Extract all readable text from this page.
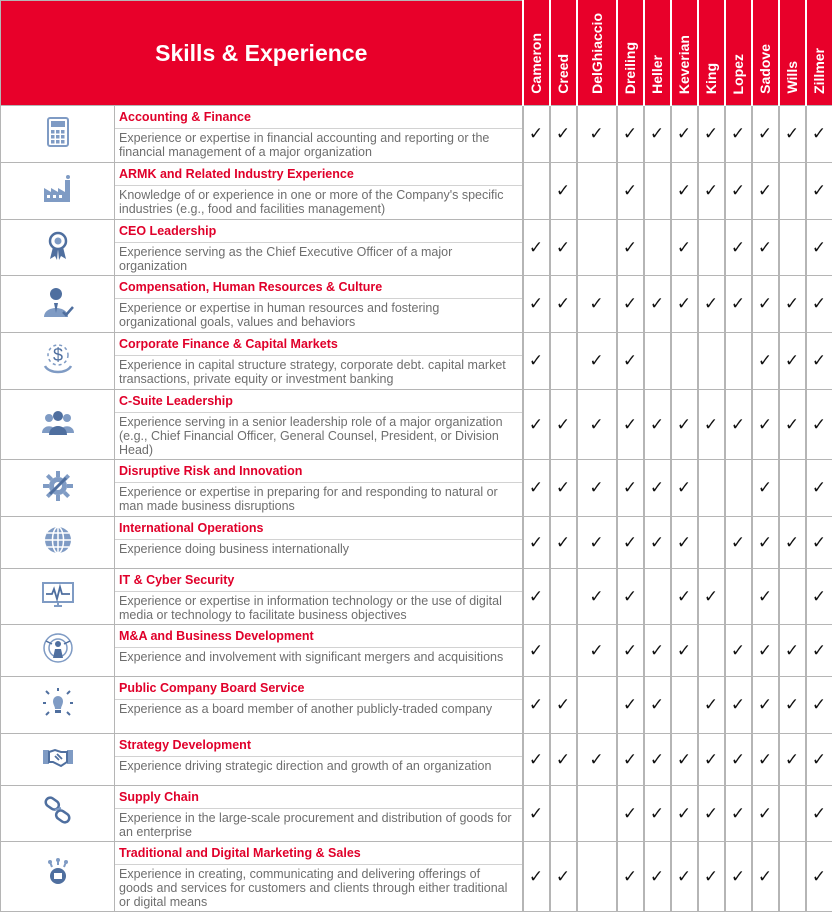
Skills & Experience		Cameron	Creed	DelGhiaccio	Dreiling	Heller	Keverian	King	Lopez	Sadove	Wills	Zillmer

Accounting & Finance
Experience or expertise in financial accounting and reporting or the financial management of a major organization	✓	✓	✓	✓	✓	✓	✓	✓	✓	✓	✓

ARMK and Related Industry Experience
Knowledge of or experience in one or more of the Company's specific industries (e.g., food and facilities management)		✓		✓		✓	✓	✓	✓		✓

CEO Leadership
Experience serving as the Chief Executive Officer of a major organization	✓	✓		✓		✓		✓	✓		✓

Compensation, Human Resources & Culture
Experience or expertise in human resources and fostering organizational goals, values and behaviors	✓	✓	✓	✓	✓	✓	✓	✓	✓	✓	✓

$	Corporate Finance & Capital Markets
Experience in capital structure strategy, corporate debt. capital market transactions, private equity or investment banking	✓		✓	✓					✓	✓	✓

C-Suite Leadership
Experience serving in a senior leadership role of a major organization (e.g., Chief Financial Officer, General Counsel, President, or Division Head)	✓	✓	✓	✓	✓	✓	✓	✓	✓	✓	✓

Disruptive Risk and Innovation
Experience or expertise in preparing for and responding to natural or man made business disruptions	✓	✓	✓	✓	✓	✓			✓		✓

International Operations
Experience doing business internationally	✓	✓	✓	✓	✓	✓		✓	✓	✓	✓

IT & Cyber Security
Experience or expertise in information technology or the use of digital media or technology to facilitate business objectives	✓		✓	✓		✓	✓		✓		✓

M&A and Business Development
Experience and involvement with significant mergers and acquisitions	✓		✓	✓	✓	✓		✓	✓	✓	✓

Public Company Board Service
Experience as a board member of another publicly-traded company	✓	✓		✓	✓		✓	✓	✓	✓	✓

Strategy Development
Experience driving strategic direction and growth of an organization	✓	✓	✓	✓	✓	✓	✓	✓	✓	✓	✓

Supply Chain
Experience in the large-scale procurement and distribution of goods for an enterprise	✓			✓	✓	✓	✓	✓	✓		✓

Traditional and Digital Marketing & Sales
Experience in creating, communicating and delivering offerings of goods and services for customers and clients through either traditional or digital means	✓	✓		✓	✓	✓	✓	✓	✓		✓
